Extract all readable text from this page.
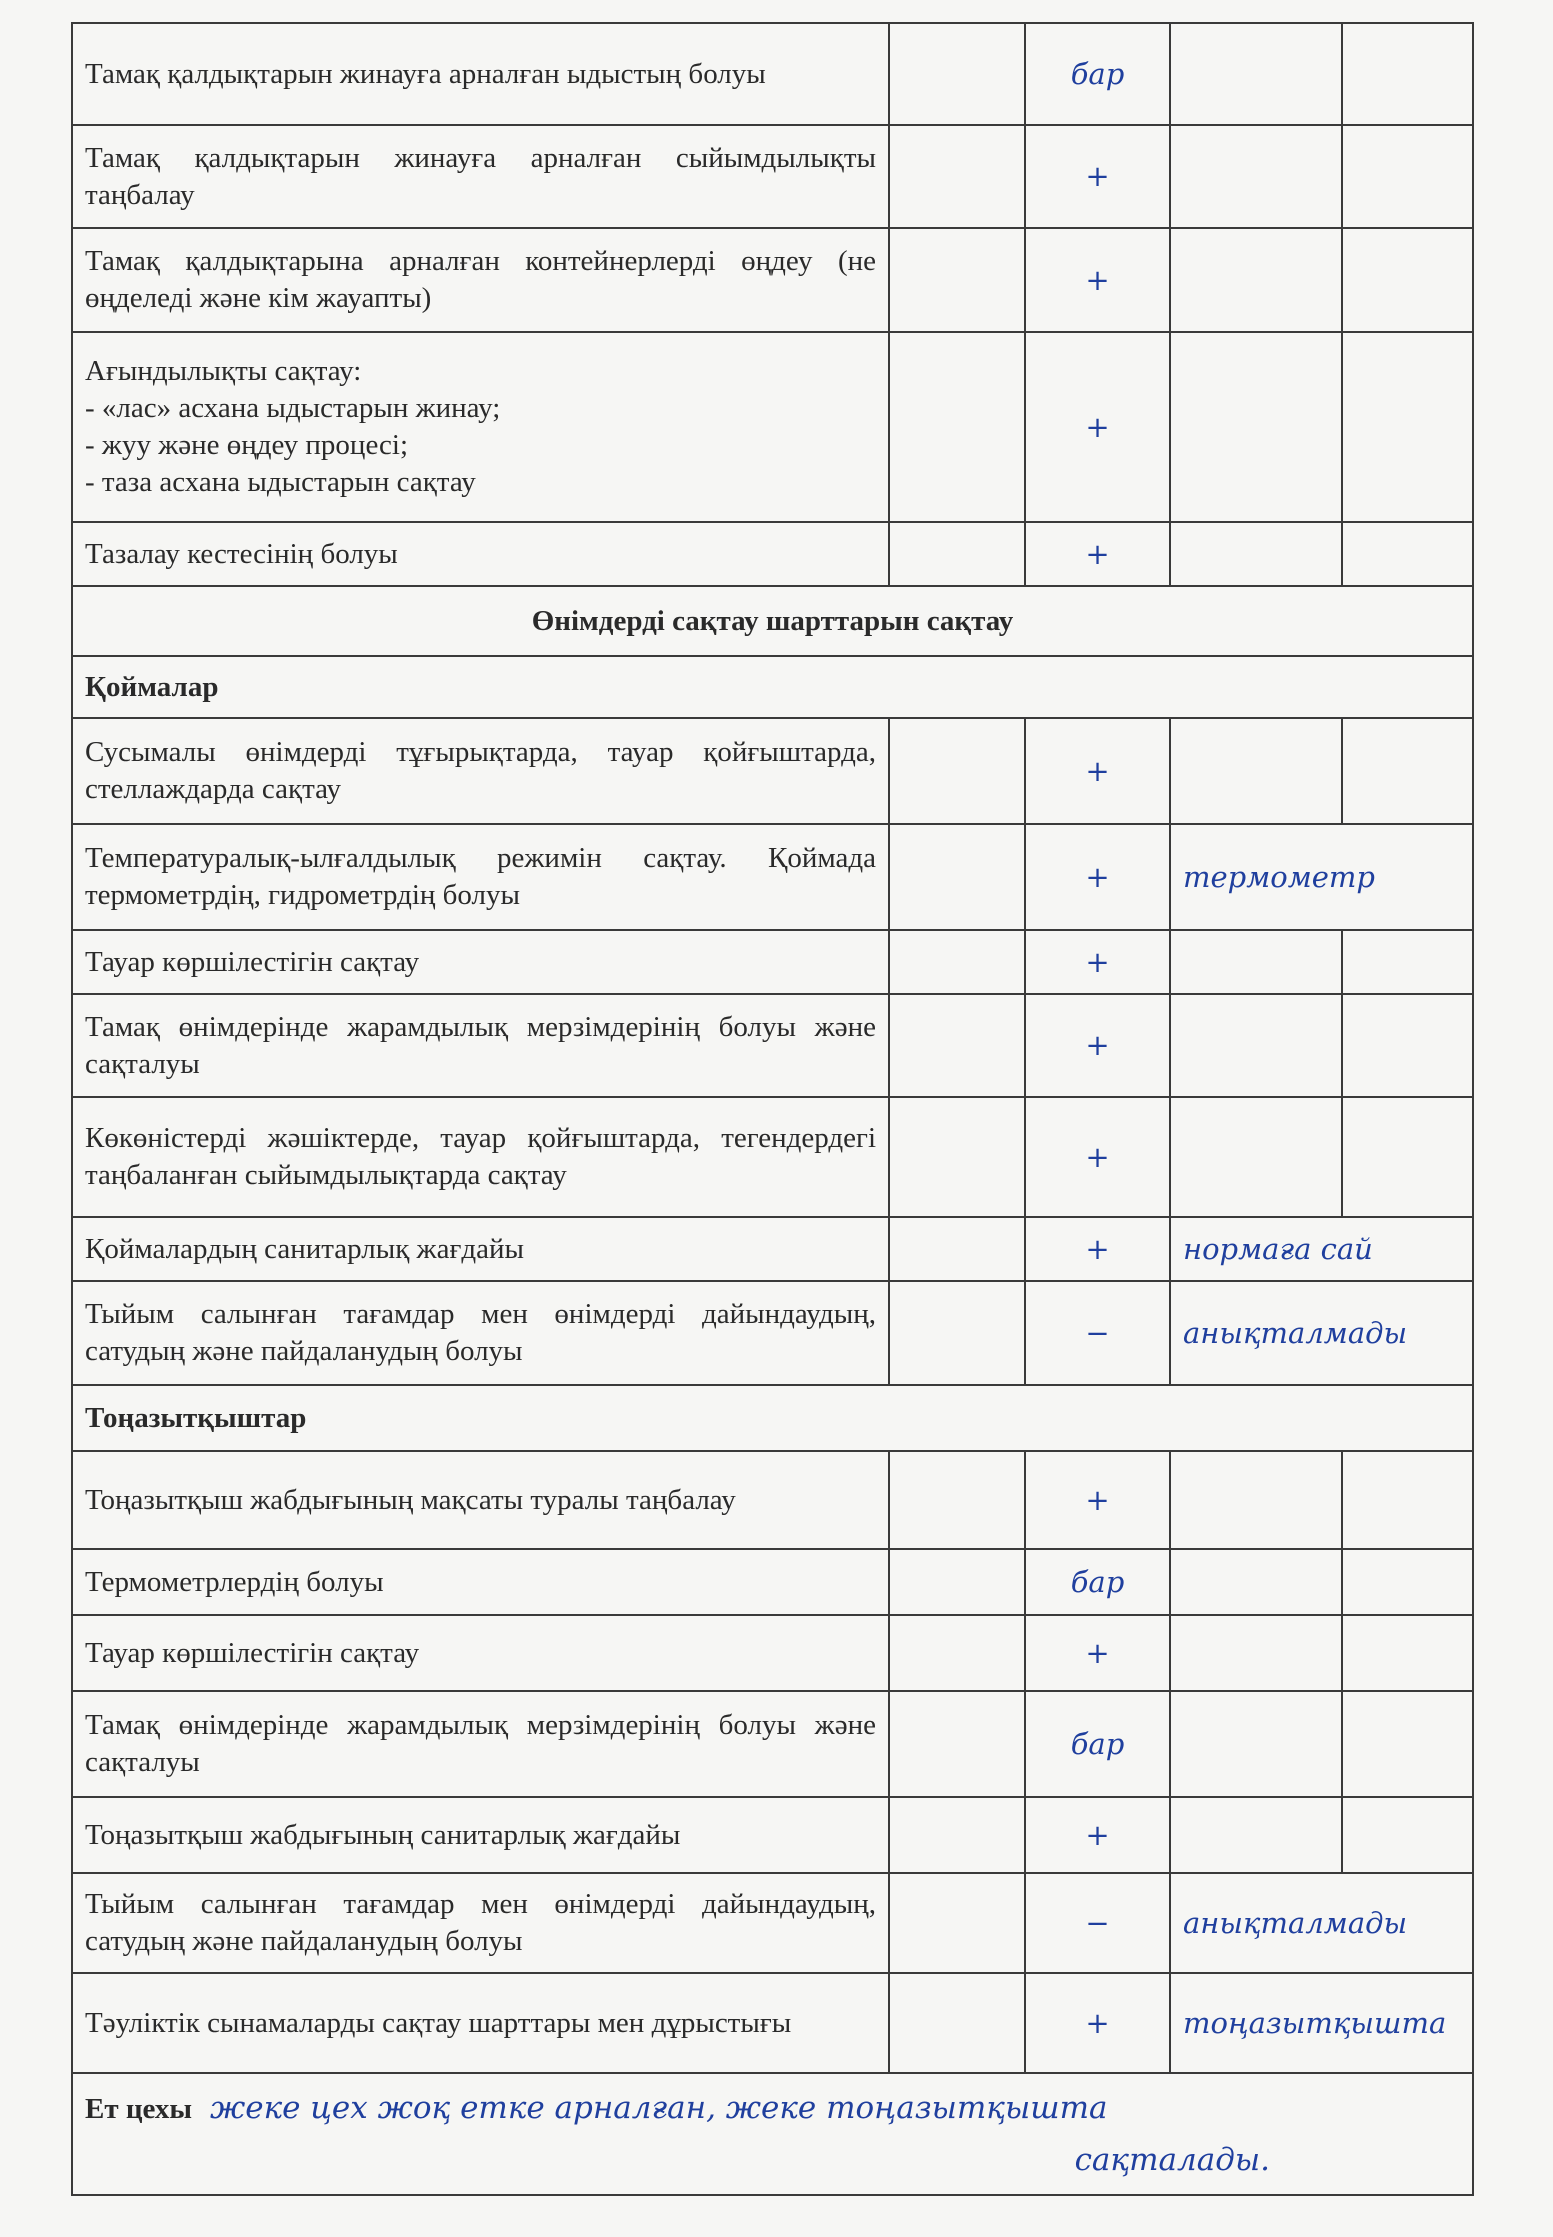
Тамақ қалдықтарын жинауға арналған ыдыстың болуы		бар		
Тамақ қалдықтарын жинауға арналған сыйымдылықты таңбалау		+		
Тамақ қалдықтарына арналған контейнерлерді өңдеу (не өңделеді және кім жауапты)		+		
Ағындылықты сақтау:
- «лас» асхана ыдыстарын жинау;
- жуу және өңдеу процесі;
- таза асхана ыдыстарын сақтау		+		
Тазалау кестесінің болуы		+		
Өнімдерді сақтау шарттарын сақтау				
Қоймалар				
Сусымалы өнімдерді тұғырықтарда, тауар қойғыштарда, стеллаждарда сақтау		+		
Температуралық-ылғалдылық режимін сақтау. Қоймада термометрдің, гидрометрдің болуы		+	термометр	
Тауар көршілестігін сақтау		+		
Тамақ өнімдерінде жарамдылық мерзімдерінің болуы және сақталуы		+		
Көкөністерді жәшіктерде, тауар қойғыштарда, тегендердегі таңбаланған сыйымдылықтарда сақтау		+		
Қоймалардың санитарлық жағдайы		+	нормаға сай	
Тыйым салынған тағамдар мен өнімдерді дайындаудың, сатудың және пайдаланудың болуы		−	анықталмады	
Тоңазытқыштар				
Тоңазытқыш жабдығының мақсаты туралы таңбалау		+		
Термометрлердің болуы		бар		
Тауар көршілестігін сақтау		+		
Тамақ өнімдерінде жарамдылық мерзімдерінің болуы және сақталуы		бар		
Тоңазытқыш жабдығының санитарлық жағдайы		+		
Тыйым салынған тағамдар мен өнімдерді дайындаудың, сатудың және пайдаланудың болуы		−	анықталмады	
Тәуліктік сынамаларды сақтау шарттары мен дұрыстығы		+	тоңазытқышта	
Ет цехы жеке цех жоқ етке арналған, жеке тоңазытқышта
сақталады.				
